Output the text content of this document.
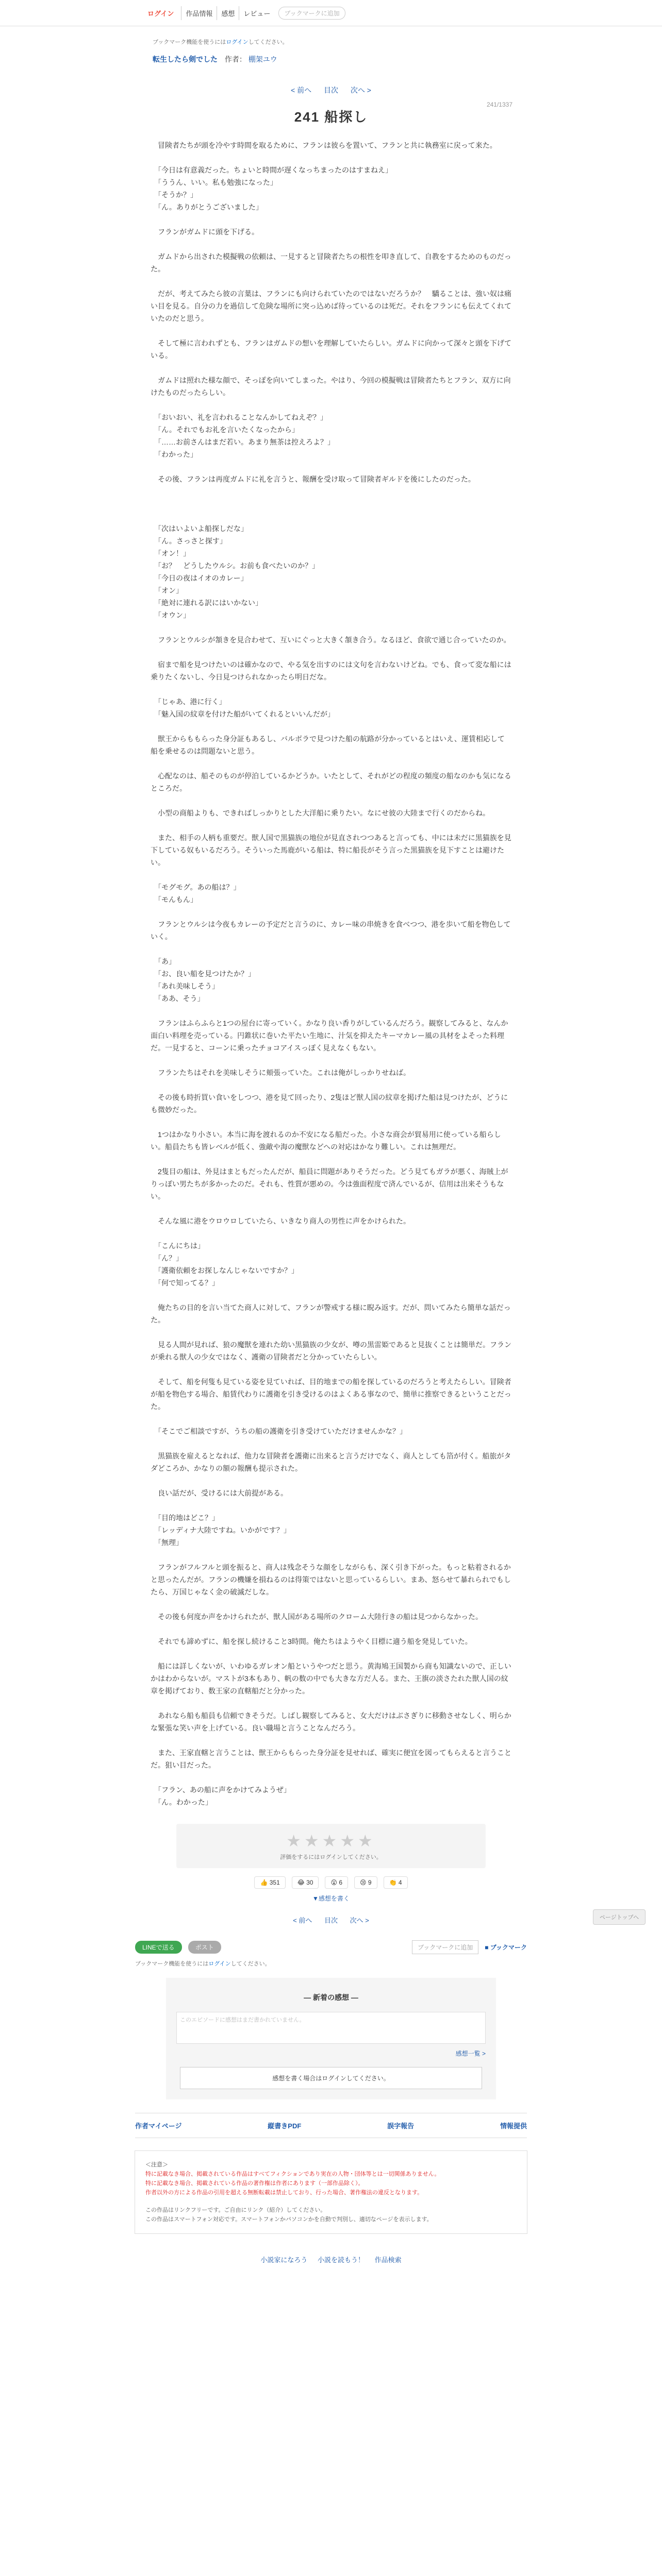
ログイン	作品情報	感想	レビュー	ブックマークに追加
ブックマーク機能を使うにはログインしてください。
転生したら剣でした 作者： 棚架ユウ
< 前へ 目次 次へ >
241/1337
241 船探し

　冒険者たちが頭を冷やす時間を取るために、フランは彼らを置いて、フランと共に執務室に戻って来た。

　「今日は有意義だった。ちょいと時間が遅くなっちまったのはすまねえ」

　「ううん、いい。私も勉強になった」

　「そうか？」

　「ん。ありがとうございました」

　フランがガムドに頭を下げる。

　ガムドから出された模擬戦の依頼は、一見すると冒険者たちの根性を叩き直して、自教をするためのものだった。

　だが、考えてみたら彼の言葉は、フランにも向けられていたのではないだろうか？　驕ることは、強い奴は痛い目を見る。自分の力を過信して危険な場所に突っ込めば待っているのは死だ。それをフランにも伝えてくれていたのだと思う。

　そして極に言われずとも、フランはガムドの想いを理解していたらしい。ガムドに向かって深々と頭を下げている。

　ガムドは照れた様な顔で、そっぽを向いてしまった。やはり、今回の模擬戦は冒険者たちとフラン、双方に向けたものだったらしい。

　「おいおい、礼を言われることなんかしてねえぞ？」

　「ん。それでもお礼を言いたくなったから」

　「……お前さんはまだ若い。あまり無茶は控えろよ？」

　「わかった」

　その後、フランは再度ガムドに礼を言うと、報酬を受け取って冒険者ギルドを後にしたのだった。

　「次はいよいよ船探しだな」

　「ん。さっさと探す」

　「オン！」

　「お？　どうしたウルシ。お前も食べたいのか？」

　「今日の夜はイオのカレー」

　「オン」

　「絶対に連れる訳にはいかない」

　「オウン」

　フランとウルシが頷きを見合わせて、互いにぐっと大きく頷き合う。なるほど、食欲で通じ合っていたのか。

　宿まで船を見つけたいのは確かなので、やる気を出すのには文句を言わないけどね。でも、食って変な船には乗りたくないし、今日見つけられなかったら明日だな。

　「じゃあ、港に行く」

　「魅入国の紋章を付けた船がいてくれるといいんだが」

　獣王からももらった身分証もあるし、バルボラで見つけた船の航路が分かっているとはいえ、運賃相応して船を乗せるのは問題ないと思う。

　心配なのは、船そのものが停泊しているかどうか。いたとして、それがどの程度の頻度の船なのかも気になるところだ。

　小型の商船よりも、できればしっかりとした大洋船に乗りたい。なにせ彼の大陸まで行くのだからね。

　また、相手の人柄も重要だ。獣人国で黒猫族の地位が見直されつつあると言っても、中には未だに黒猫族を見下している奴もいるだろう。そういった馬鹿がいる船は、特に船長がそう言った黒猫族を見下すことは避けたい。

　「モグモグ。あの船は？」

　「モんもん」

　フランとウルシは今夜もカレーの予定だと言うのに、カレー味の串焼きを食べつつ、港を歩いて船を物色していく。

　「あ」

　「お、良い船を見つけたか？」

　「あれ美味しそう」

　「ああ、そう」

　フランはふらふらと1つの屋台に寄っていく。かなり良い香りがしているんだろう。観察してみると、なんか面白い料理を売っている。円錐状に巻いた平たい生地に、汁気を抑えたキーマカレー風の具材をよそった料理だ。一見すると、コーンに乗ったチョコアイスっぽく見えなくもない。

　フランたちはそれを美味しそうに頬張っていた。これは俺がしっかりせねば。

　その後も時折買い食いをしつつ、港を見て回ったり、2隻ほど獣人国の紋章を掲げた船は見つけたが、どうにも微妙だった。

　1つはかなり小さい。本当に海を渡れるのか不安になる船だった。小さな商会が貿易用に使っている船らしい。船員たちも皆レベルが低く、強敵や海の魔獣などへの対応はかなり難しい。これは無理だ。

　2隻目の船は、外見はまともだったんだが、船員に問題がありそうだった。どう見てもガラが悪く、海賊上がりっぽい男たちが多かったのだ。それも、性質が悪めの。今は強面程度で済んでいるが、信用は出来そうもない。

　そんな風に港をウロウロしていたら、いきなり商人の男性に声をかけられた。

　「こんにちは」

　「ん？」

　「護衛依頼をお探しなんじゃないですか？」

　「何で知ってる？」

　俺たちの目的を言い当てた商人に対して、フランが警戒する様に睨み返す。だが、問いてみたら簡単な話だった。

　見る人間が見れば、狼の魔獣を連れた幼い黒猫族の少女が、噂の黒雷姫であると見抜くことは簡単だ。フランが乗れる獣人の少女ではなく、護衛の冒険者だと分かっていたらしい。

　そして、船を何隻も見ている姿を見ていれば、目的地までの船を探しているのだろうと考えたらしい。冒険者が船を物色する場合、船賃代わりに護衛を引き受けるのはよくある事なので、簡単に推察できるということだった。

　「そこでご相談ですが、うちの船の護衛を引き受けていただけませんかな？」

　黒猫族を雇えるとなれば、他力な冒険者を護衛に出来ると言うだけでなく、商人としても箔が付く。船旅がタダどころか、かなりの額の報酬も提示された。

　良い話だが、受けるには大前提がある。

　「目的地はどこ？」

　「レッディナ大陸ですね。いかがです？」

　「無理」

　フランがフルフルと頭を振ると、商人は残念そうな顔をしながらも、深く引き下がった。もっと粘着されるかと思ったんだが。フランの機嫌を損ねるのは得策ではないと思っているらしい。まあ、怒らせて暴れられでもしたら、万国じゃなく金の破滅だしな。

　その後も何度か声をかけられたが、獣人国がある場所のクローム大陸行きの船は見つからなかった。

　それでも諦めずに、船を探し続けること3時間。俺たちはようやく目標に適う船を発見していた。

　船には詳しくないが、いわゆるガレオン船というやつだと思う。黄海鳩王国製から商も知識ないので、正しいかはわからないが。マストが3本もあり、帆の数の中でも大きな方だ人る。また、王旗の淡さたれた獣人国の紋章を掲げており、数王家の直轄船だと分かった。

　あれなら船も船員も信頼できそうだ。しばし観察してみると、女大だけはぶさぎりに移動させなしく、明らかな緊張な笑い声を上げている。良い職場と言うことなんだろう。

　また、王家直轄と言うことは、獣王からもらった身分証を見せれば、確実に便宜を図ってもらえると言うことだ。狙い目だった。

　「フラン、あの船に声をかけてみようぜ」

　「ん。わかった」

ページトップへ
★★★★★
評価をするにはログインしてください。
👍 351	😂 30	😮 6	😢 9	👏 4
▼感想を書く
< 前へ 目次 次へ >
LINEで送る	ポスト	ブックマークに追加	■ ブックマーク
ブックマーク機能を使うにはログインしてください。
― 新着の感想 ―
このエピソードに感想はまだ書かれていません。
感想一覧 >
感想を書く場合はログインしてください。
作者マイページ	縦書きPDF	誤字報告	情報提供
＜注意＞
特に記載なき場合、掲載されている作品はすべてフィクションであり実在の人物・団体等とは一切関係ありません。
特に記載なき場合、掲載されている作品の著作権は作者にあります（一部作品除く）。
作者以外の方による作品の引用を超える無断転載は禁止しており、行った場合、著作権法の違反となります。
この作品はリンクフリーです。ご自由にリンク（紹介）してください。
この作品はスマートフォン対応です。スマートフォンかパソコンかを自動で判別し、適切なページを表示します。
小説家になろう 小説を読もう！ 作品検索
